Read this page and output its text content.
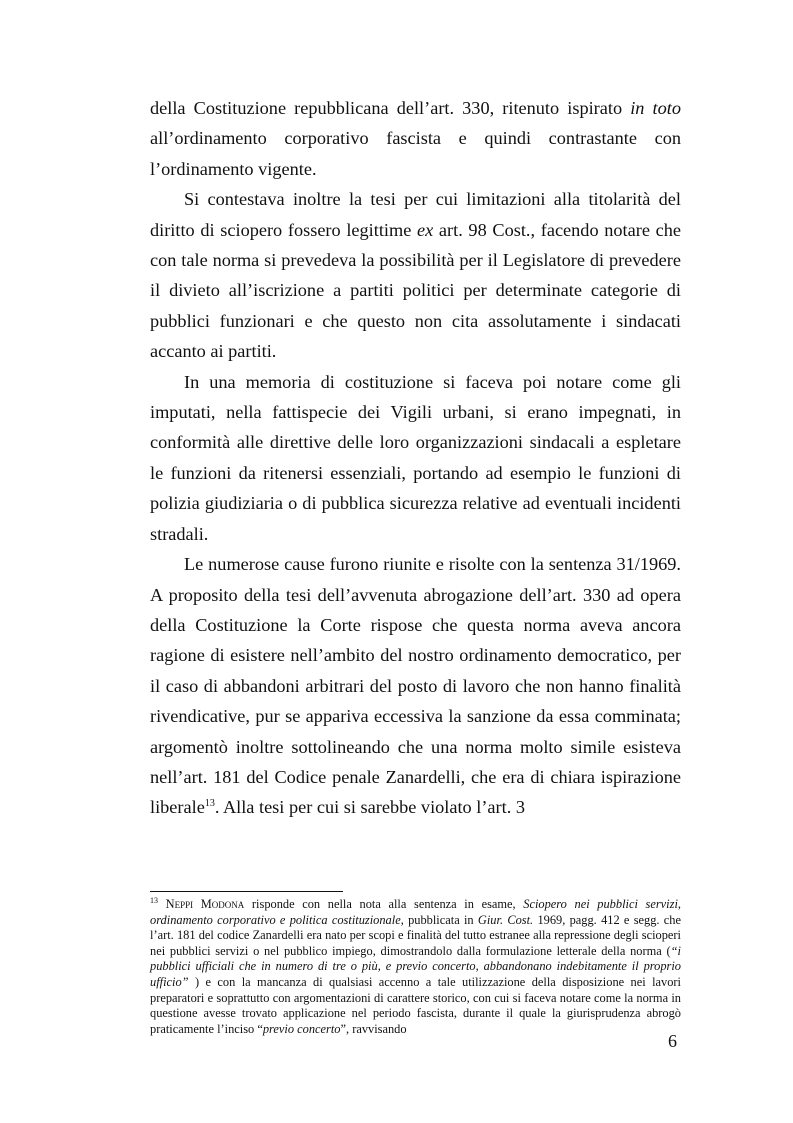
della Costituzione repubblicana dell’art. 330, ritenuto ispirato in toto all’ordinamento corporativo fascista e quindi contrastante con l’ordinamento vigente.

Si contestava inoltre la tesi per cui limitazioni alla titolarità del diritto di sciopero fossero legittime ex art. 98 Cost., facendo notare che con tale norma si prevedeva la possibilità per il Legislatore di prevedere il divieto all’iscrizione a partiti politici per determinate categorie di pubblici funzionari e che questo non cita assolutamente i sindacati accanto ai partiti.

In una memoria di costituzione si faceva poi notare come gli imputati, nella fattispecie dei Vigili urbani, si erano impegnati, in conformità alle direttive delle loro organizzazioni sindacali a espletare le funzioni da ritenersi essenziali, portando ad esempio le funzioni di polizia giudiziaria o di pubblica sicurezza relative ad eventuali incidenti stradali.

Le numerose cause furono riunite e risolte con la sentenza 31/1969. A proposito della tesi dell’avvenuta abrogazione dell’art. 330 ad opera della Costituzione la Corte rispose che questa norma aveva ancora ragione di esistere nell’ambito del nostro ordinamento democratico, per il caso di abbandoni arbitrari del posto di lavoro che non hanno finalità rivendicative, pur se appariva eccessiva la sanzione da essa comminata; argomentò inoltre sottolineando che una norma molto simile esisteva nell’art. 181 del Codice penale Zanardelli, che era di chiara ispirazione liberale$^{13}$. Alla tesi per cui si sarebbe violato l’art. 3

$^{13}$ Neppi Modona risponde con nella nota alla sentenza in esame, Sciopero nei pubblici servizi, ordinamento corporativo e politica costituzionale, pubblicata in Giur. Cost. 1969, pagg. 412 e segg. che l’art. 181 del codice Zanardelli era nato per scopi e finalità del tutto estranee alla repressione degli scioperi nei pubblici servizi o nel pubblico impiego, dimostrandolo dalla formulazione letterale della norma (“i pubblici ufficiali che in numero di tre o più, e previo concerto, abbandonano indebitamente il proprio ufficio” ) e con la mancanza di qualsiasi accenno a tale utilizzazione della disposizione nei lavori preparatori e soprattutto con argomentazioni di carattere storico, con cui si faceva notare come la norma in questione avesse trovato applicazione nel periodo fascista, durante il quale la giurisprudenza abrogò praticamente l’inciso “previo concerto”, ravvisando

6
